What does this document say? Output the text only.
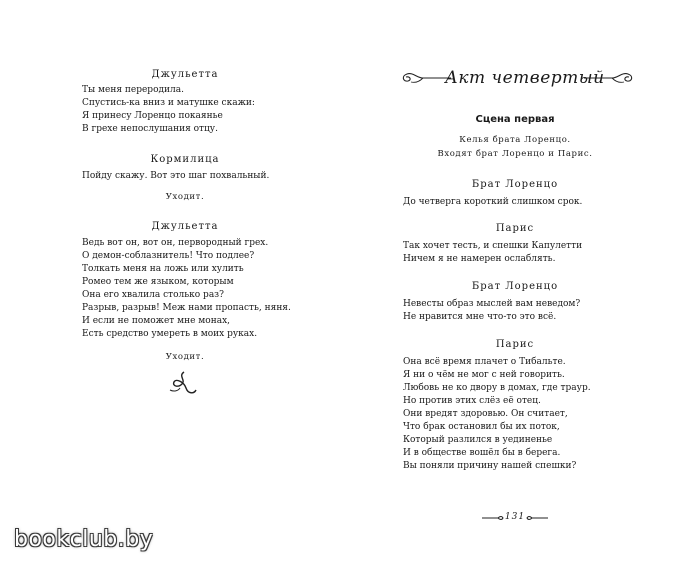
Джульетта
Ты меня переродила.
Спустись-ка вниз и матушке скажи:
Я принесу Лоренцо покаянье
В грехе непослушания отцу.
Кормилица
Пойду скажу. Вот это шаг похвальный.
Уходит.
Джульетта
Ведь вот он, вот он, первородный грех.
О демон-соблазнитель! Что подлее?
Толкать меня на ложь или хулить
Ромео тем же языком, которым
Она его хвалила столько раз?
Разрыв, разрыв! Меж нами пропасть, няня.
И если не поможет мне монах,
Есть средство умереть в моих руках.
Уходит.
Акт четвертый
Сцена первая
Келья брата Лоренцо.
Входят брат Лоренцо и Парис.
Брат Лоренцо
До четверга короткий слишком срок.
Парис
Так хочет тесть, и спешки Капулетти
Ничем я не намерен ослаблять.
Брат Лоренцо
Невесты образ мыслей вам неведом?
Не нравится мне что-то это всё.
Парис
Она всё время плачет о Тибальте.
Я ни о чём не мог с ней говорить.
Любовь не ко двору в домах, где траур.
Но против этих слёз её отец.
Они вредят здоровью. Он считает,
Что брак остановил бы их поток,
Который разлился в уединенье
И в обществе вошёл бы в берега.
Вы поняли причину нашей спешки?
131
bookclub.by
